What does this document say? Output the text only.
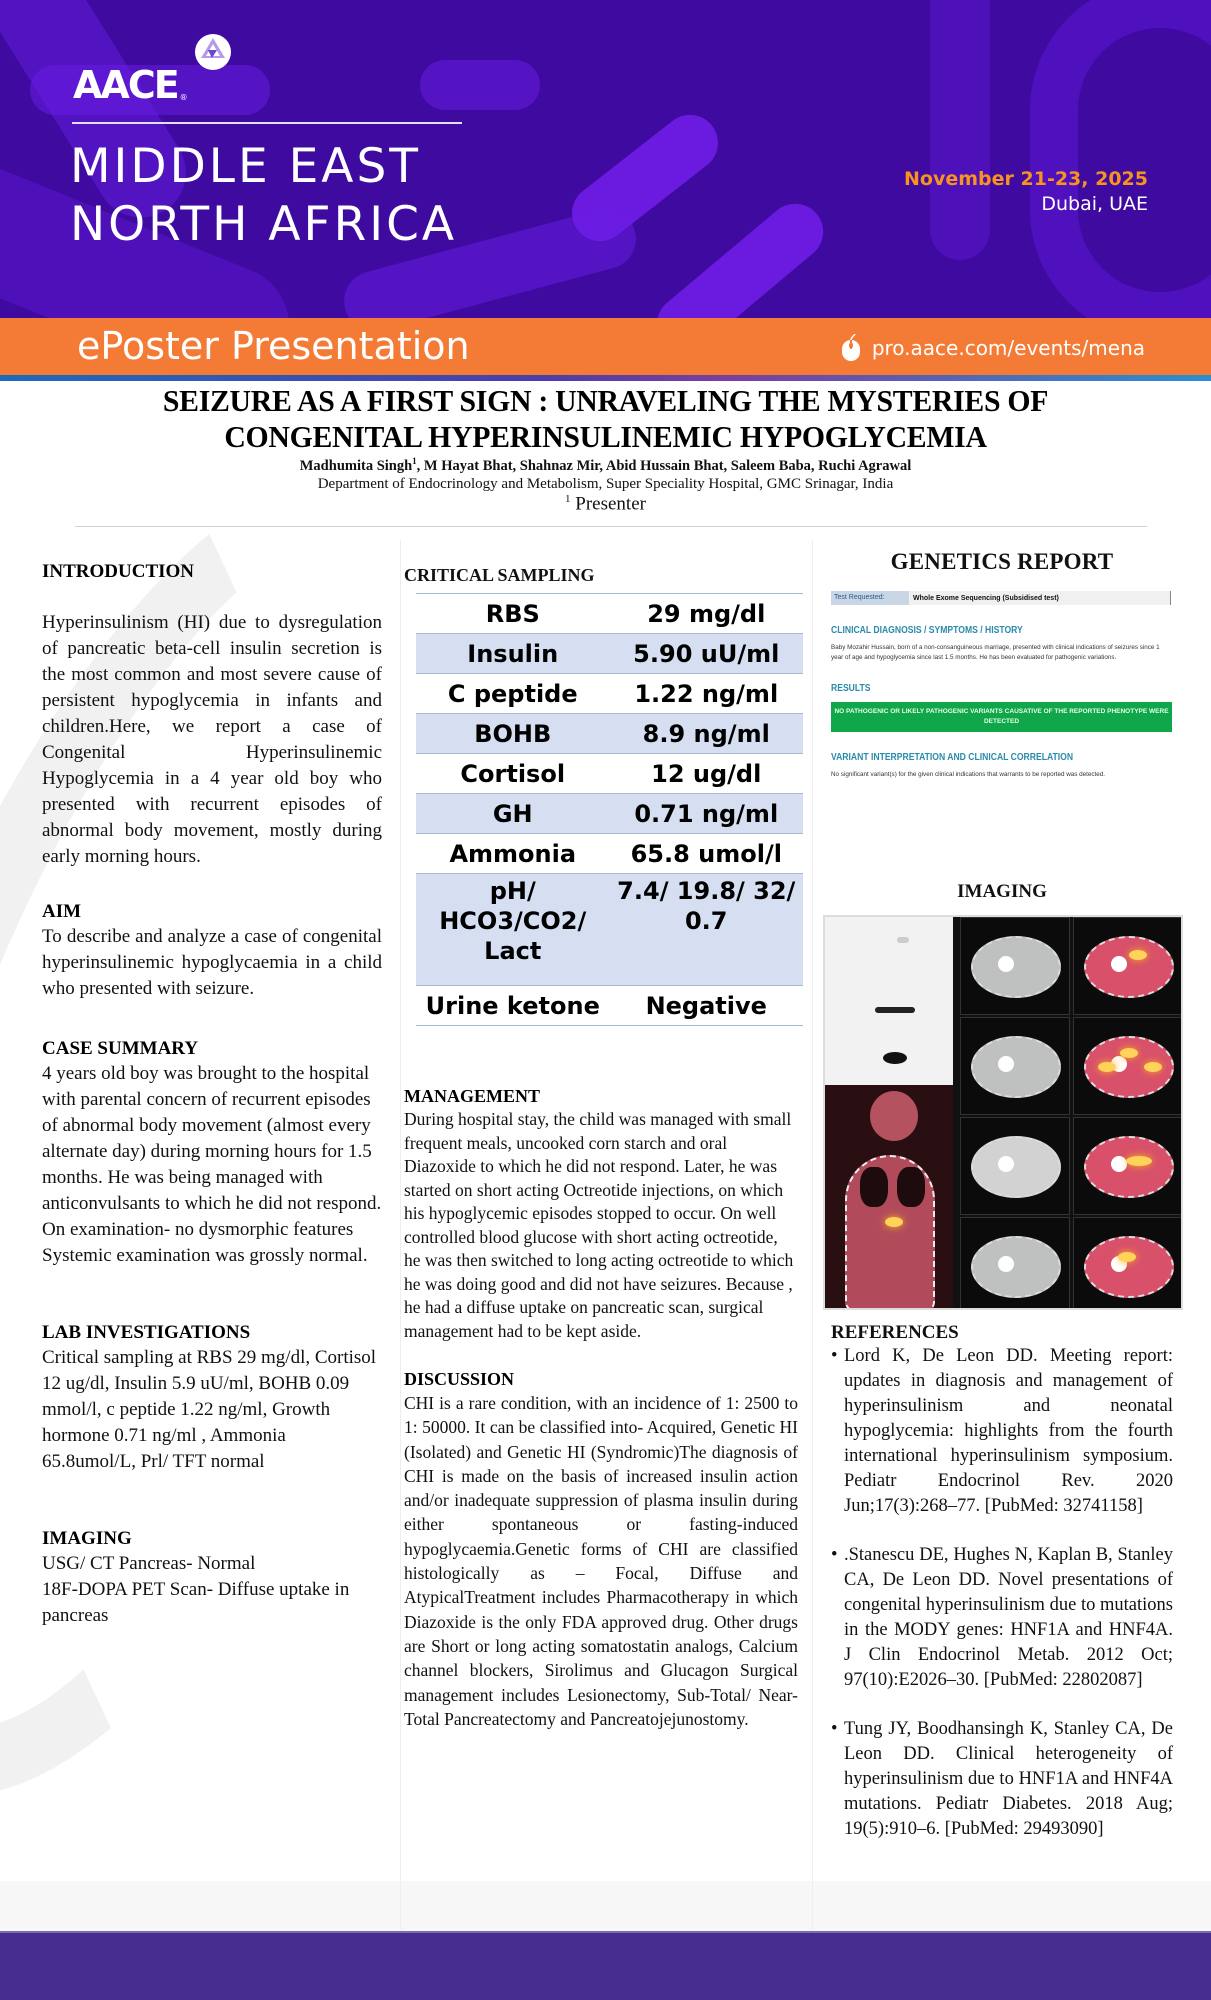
AACE ®
MIDDLE EAST
NORTH AFRICA
November 21-23, 2025
Dubai, UAE
ePoster Presentation	pro.aace.com/events/mena
SEIZURE AS A FIRST SIGN : UNRAVELING THE MYSTERIES OF
CONGENITAL HYPERINSULINEMIC HYPOGLYCEMIA
Madhumita Singh$^1$, M Hayat Bhat, Shahnaz Mir, Abid Hussain Bhat, Saleem Baba, Ruchi Agrawal
Department of Endocrinology and Metabolism, Super Speciality Hospital, GMC Srinagar, India
$^1$ Presenter
INTRODUCTION

Hyperinsulinism (HI) due to dysregulation of pancreatic beta-cell insulin secretion is the most common and most severe cause of persistent hypoglycemia in infants and children.Here, we report a case of Congenital Hyperinsulinemic Hypoglycemia in a 4 year old boy who presented with recurrent episodes of abnormal body movement, mostly during early morning hours.

AIM

To describe and analyze a case of congenital hyperinsulinemic hypoglycaemia in a child who presented with seizure.

CASE SUMMARY

4 years old boy was brought to the hospital with parental concern of recurrent episodes of abnormal body movement (almost every alternate day) during morning hours for 1.5 months. He was being managed with anticonvulsants to which he did not respond.

On examination- no dysmorphic features

Systemic examination was grossly normal.

LAB INVESTIGATIONS

Critical sampling at RBS 29 mg/dl, Cortisol 12 ug/dl, Insulin 5.9 uU/ml, BOHB 0.09 mmol/l, c peptide 1.22 ng/ml, Growth hormone 0.71 ng/ml , Ammonia 65.8umol/L, Prl/ TFT normal

IMAGING

USG/ CT Pancreas- Normal

18F-DOPA PET Scan- Diffuse uptake in pancreas

CRITICAL SAMPLING
RBS	29 mg/dl
Insulin	5.90 uU/ml
C peptide	1.22 ng/ml
BOHB	8.9 ng/ml
Cortisol	12 ug/dl
GH	0.71 ng/ml
Ammonia	65.8 umol/l
pH/ HCO3/CO2/ Lact	7.4/ 19.8/ 32/ 0.7
Urine ketone	Negative
MANAGEMENT

During hospital stay, the child was managed with small frequent meals, uncooked corn starch and oral Diazoxide to which he did not respond. Later, he was started on short acting Octreotide injections, on which his hypoglycemic episodes stopped to occur. On well controlled blood glucose with short acting octreotide, he was then switched to long acting octreotide to which he was doing good and did not have seizures. Because , he had a diffuse uptake on pancreatic scan, surgical management had to be kept aside.

DISCUSSION

CHI is a rare condition, with an incidence of 1: 2500 to 1: 50000. It can be classified into- Acquired, Genetic HI (Isolated) and Genetic HI (Syndromic)The diagnosis of CHI is made on the basis of increased insulin action and/or inadequate suppression of plasma insulin during either spontaneous or fasting-induced hypoglycaemia.Genetic forms of CHI are classified histologically as – Focal, Diffuse and AtypicalTreatment includes Pharmacotherapy in which Diazoxide is the only FDA approved drug. Other drugs are Short or long acting somatostatin analogs, Calcium channel blockers, Sirolimus and Glucagon Surgical management includes Lesionectomy, Sub-Total/ Near-Total Pancreatectomy and Pancreatojejunostomy.

GENETICS REPORT
Test Requested:	Whole Exome Sequencing (Subsidised test)
CLINICAL DIAGNOSIS / SYMPTOMS / HISTORY
Baby Mozahir Hussain, born of a non-consanguineous marriage, presented with clinical indications of seizures since 1 year of age and hypoglycemia since last 1.5 months. He has been evaluated for pathogenic variations.
RESULTS
NO PATHOGENIC OR LIKELY PATHOGENIC VARIANTS CAUSATIVE OF THE REPORTED PHENOTYPE WERE DETECTED
VARIANT INTERPRETATION AND CLINICAL CORRELATION
No significant variant(s) for the given clinical indications that warrants to be reported was detected.
IMAGING
REFERENCES
• Lord K, De Leon DD. Meeting report: updates in diagnosis and management of hyperinsulinism and neonatal hypoglycemia: highlights from the fourth international hyperinsulinism symposium. Pediatr Endocrinol Rev. 2020 Jun;17(3):268–77. [PubMed: 32741158]
• .Stanescu DE, Hughes N, Kaplan B, Stanley CA, De Leon DD. Novel presentations of congenital hyperinsulinism due to mutations in the MODY genes: HNF1A and HNF4A. J Clin Endocrinol Metab. 2012 Oct; 97(10):E2026–30. [PubMed: 22802087]
• Tung JY, Boodhansingh K, Stanley CA, De Leon DD. Clinical heterogeneity of hyperinsulinism due to HNF1A and HNF4A mutations. Pediatr Diabetes. 2018 Aug; 19(5):910–6. [PubMed: 29493090]
